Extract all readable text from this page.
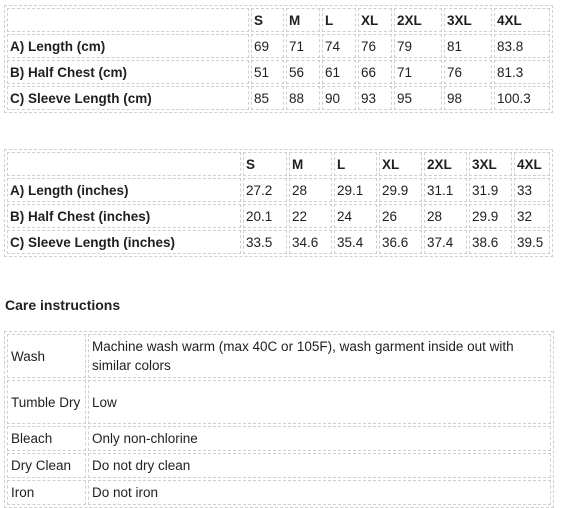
	S	M	L	XL	2XL	3XL	4XL
A) Length (cm)	69	71	74	76	79	81	83.8
B) Half Chest (cm)	51	56	61	66	71	76	81.3
C) Sleeve Length (cm)	85	88	90	93	95	98	100.3
	S	M	L	XL	2XL	3XL	4XL
A) Length (inches)	27.2	28	29.1	29.9	31.1	31.9	33
B) Half Chest (inches)	20.1	22	24	26	28	29.9	32
C) Sleeve Length (inches)	33.5	34.6	35.4	36.6	37.4	38.6	39.5
Care instructions
Wash	Machine wash warm (max 40C or 105F), wash garment inside out with similar colors
Tumble Dry	Low
Bleach	Only non-chlorine
Dry Clean	Do not dry clean
Iron	Do not iron
